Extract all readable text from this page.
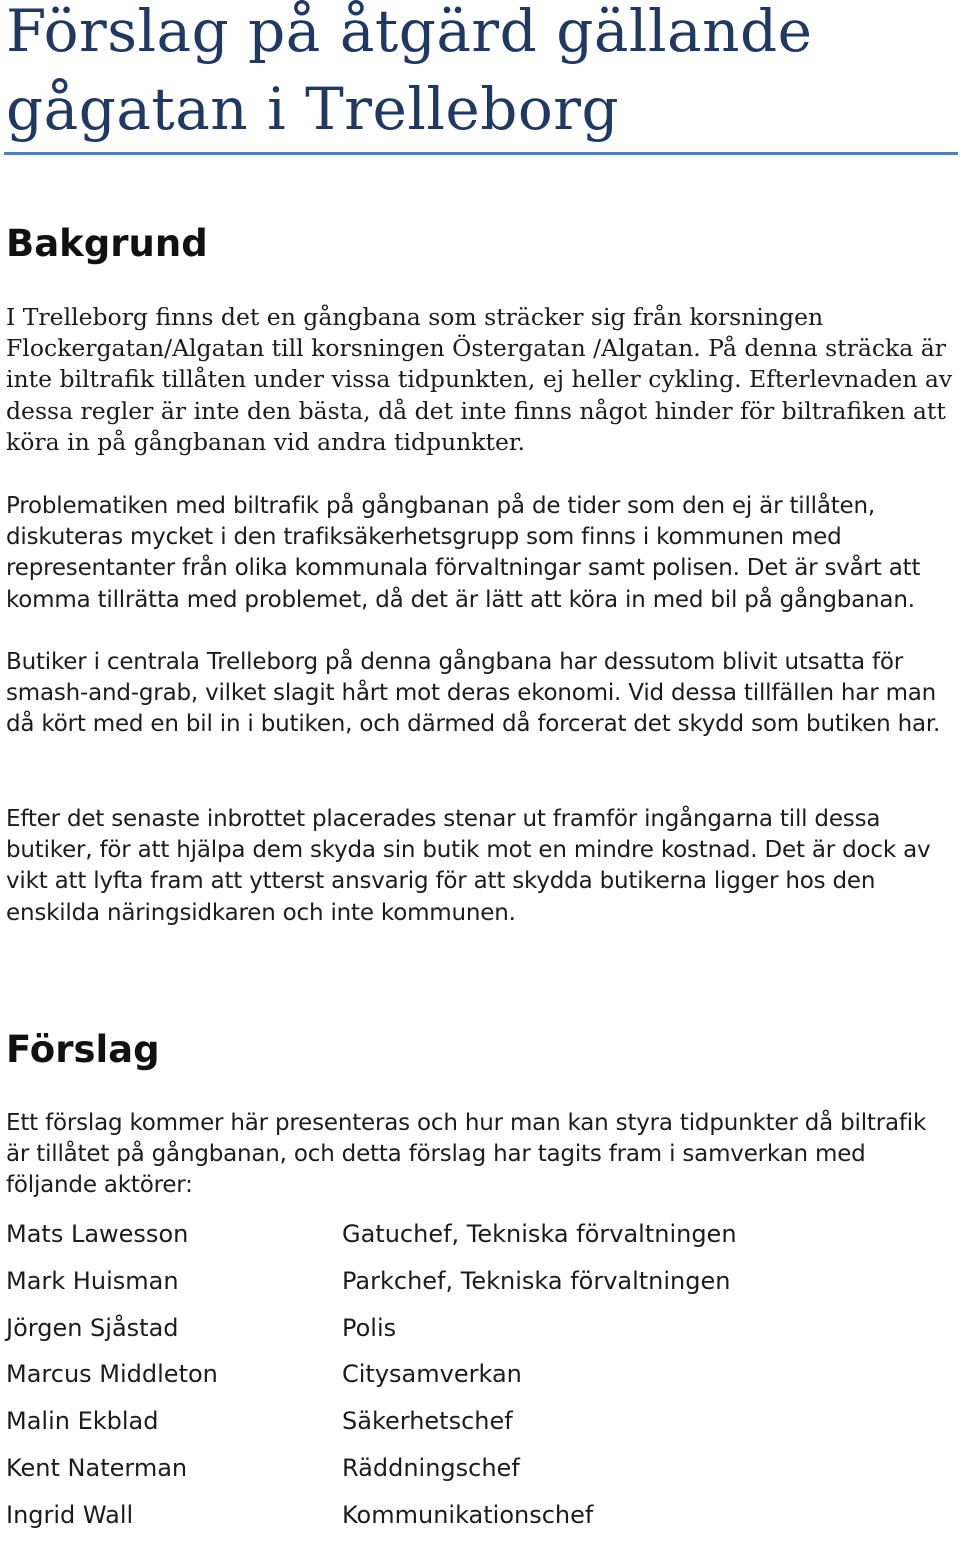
Förslag på åtgärd gällande gågatan i Trelleborg
Bakgrund

I Trelleborg finns det en gångbana som sträcker sig från korsningen Flockergatan/Algatan till korsningen Östergatan /Algatan. På denna sträcka är inte biltrafik tillåten under vissa tidpunkten, ej heller cykling. Efterlevnaden av dessa regler är inte den bästa, då det inte finns något hinder för biltrafiken att köra in på gångbanan vid andra tidpunkter.

Problematiken med biltrafik på gångbanan på de tider som den ej är tillåten, diskuteras mycket i den trafiksäkerhetsgrupp som finns i kommunen med representanter från olika kommunala förvaltningar samt polisen. Det är svårt att komma tillrätta med problemet, då det är lätt att köra in med bil på gångbanan.

Butiker i centrala Trelleborg på denna gångbana har dessutom blivit utsatta för smash-and-grab, vilket slagit hårt mot deras ekonomi. Vid dessa tillfällen har man då kört med en bil in i butiken, och därmed då forcerat det skydd som butiken har.

Efter det senaste inbrottet placerades stenar ut framför ingångarna till dessa butiker, för att hjälpa dem skyda sin butik mot en mindre kostnad. Det är dock av vikt att lyfta fram att ytterst ansvarig för att skydda butikerna ligger hos den enskilda näringsidkaren och inte kommunen.

Förslag

Ett förslag kommer här presenteras och hur man kan styra tidpunkter då biltrafik är tillåtet på gångbanan, och detta förslag har tagits fram i samverkan med följande aktörer:

Mats Lawesson	Gatuchef, Tekniska förvaltningen
Mark Huisman	Parkchef, Tekniska förvaltningen
Jörgen Sjåstad	Polis
Marcus Middleton	Citysamverkan
Malin Ekblad	Säkerhetschef
Kent Naterman	Räddningschef
Ingrid Wall	Kommunikationschef
